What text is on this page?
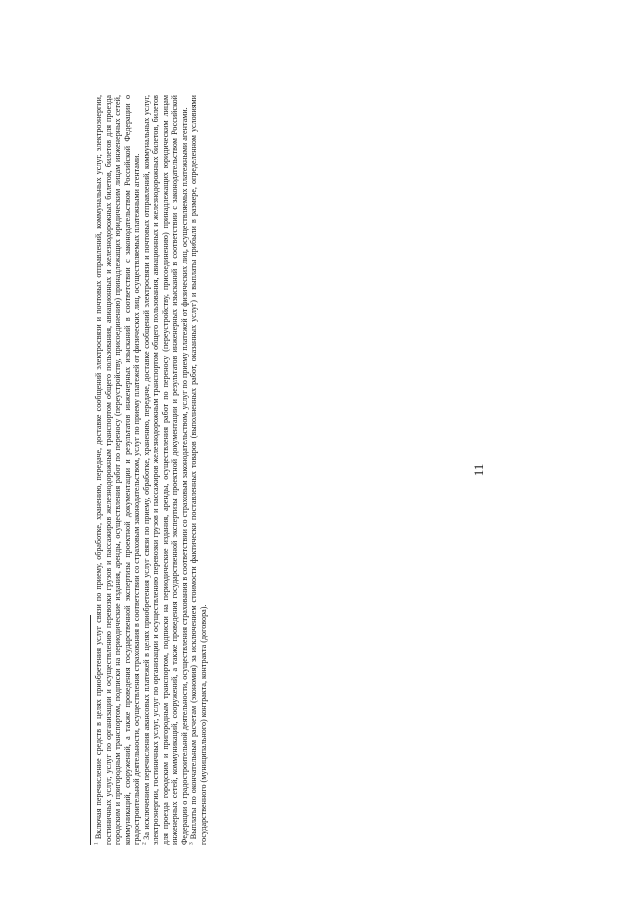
11

$^1$ Включая перечисление средств в целях приобретения услуг связи по приему, обработке, хранению, передаче, доставке сообщений электросвязи и почтовых отправлений, коммунальных услуг, электроэнергии, гостиничных услуг, услуг по организации и осуществлению перевозки грузов и пассажиров железнодорожным транспортом общего пользования, авиационных и железнодорожных билетов, билетов для проезда городским и пригородным транспортом, подписки на периодические издания, аренды, осуществления работ по переносу (переустройству, присоединению) принадлежащих юридическим лицам инженерных сетей, коммуникаций, сооружений, а также проведения государственной экспертизы проектной документации и результатов инженерных изысканий в соответствии с законодательством Российской Федерации о градостроительной деятельности, осуществления страхования в соответствии со страховым законодательством, услуг по приему платежей от физических лиц, осуществляемых платежными агентами. $^2$ За исключением перечисления авансовых платежей в целях приобретения услуг связи по приему, обработке, хранению, передаче, доставке сообщений электросвязи и почтовых отправлений, коммунальных услуг, электроэнергии, гостиничных услуг, услуг по организации и осуществлению перевозки грузов и пассажиров железнодорожным транспортом общего пользования, авиационных и железнодорожных билетов, билетов для проезда городским и пригородным транспортом, подписки на периодические издания, аренды, осуществления работ по переносу (переустройству, присоединению) принадлежащих юридическим лицам инженерных сетей, коммуникаций, сооружений, а также проведения государственной экспертизы проектной документации и результатов инженерных изысканий в соответствии с законодательством Российской Федерации о градостроительной деятельности, осуществления страхования в соответствии со страховым законодательством, услуг по приему платежей от физических лиц, осуществляемых платежными агентами. $^3$ Выплаты по окончательным расчетам (экономия) за исключением стоимости фактически поставленных товаров (выполненных работ, оказанных услуг) и выплаты прибыли в размере, определенном условиями государственного (муниципального) контракта, контракта (договора).
